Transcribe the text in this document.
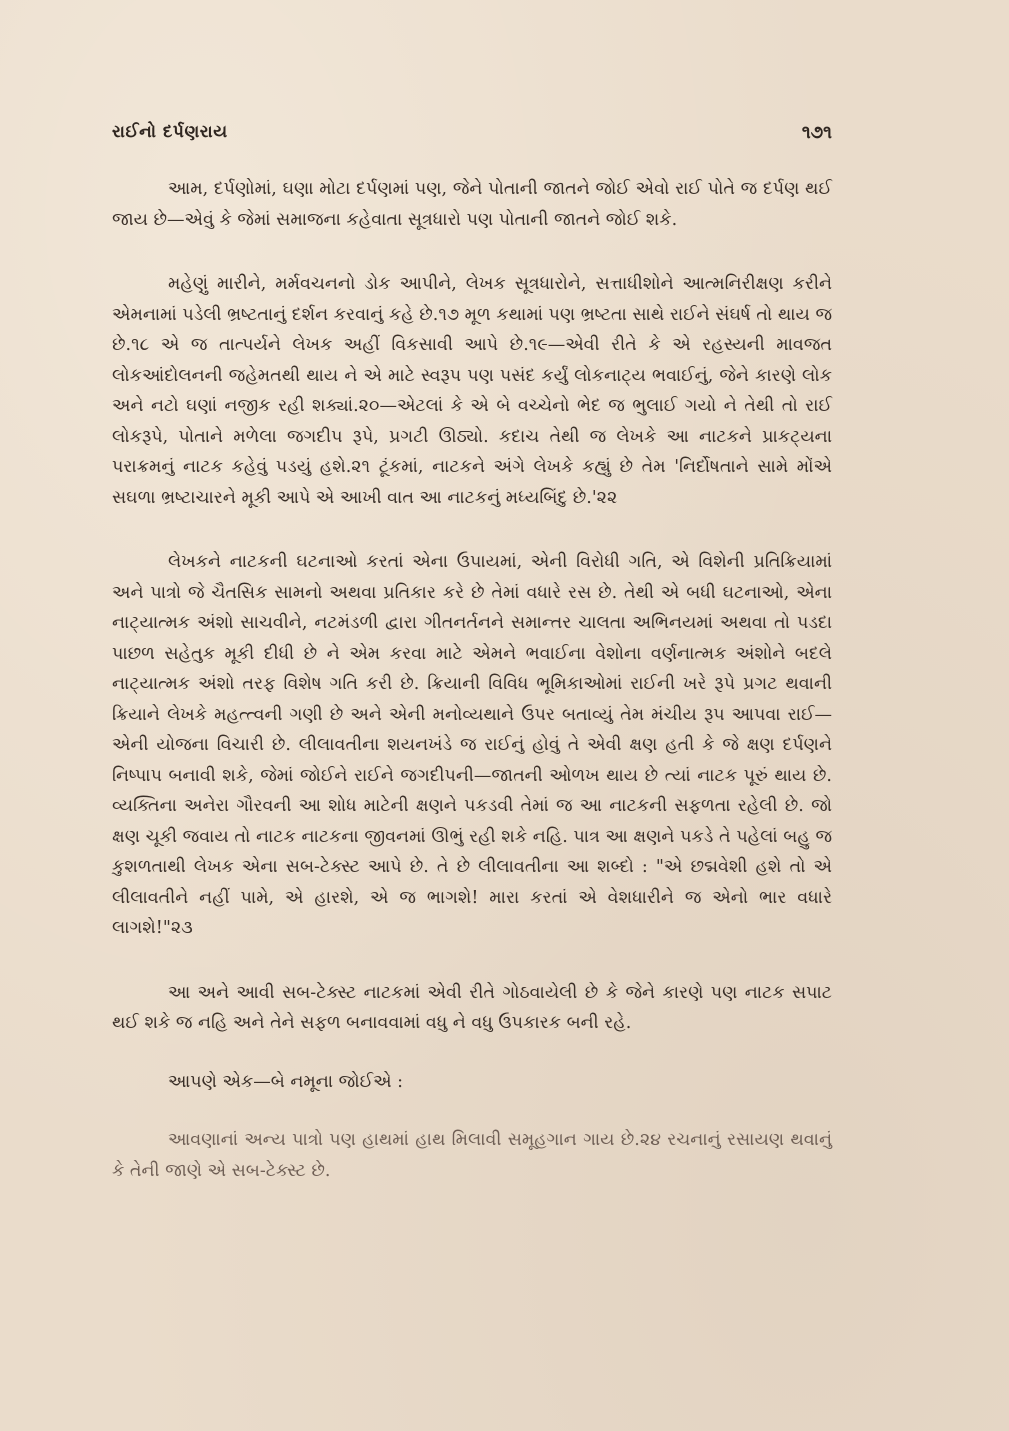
રાઈનો દર્પણરાય	૧૭૧

આમ, દર્પણોમાં, ઘણા મોટા દર્પણમાં પણ, જેને પોતાની જાતને જોઈ એવો રાઈ પોતે જ દર્પણ થઈ જાય છે—એવું કે જેમાં સમાજના કહેવાતા સૂત્રધારો પણ પોતાની જાતને જોઈ શકે.

મહેણું મારીને, મર્મવચનનો ડોક આપીને, લેખક સૂત્રધારોને, સત્તાધીશોને આત્મનિરીક્ષણ કરીને એમનામાં પડેલી ભ્રષ્ટતાનું દર્શન કરવાનું કહે છે.૧૭ મૂળ કથામાં પણ ભ્રષ્ટતા સાથે રાઈને સંઘર્ષ તો થાય જ છે.૧૮ એ જ તાત્પર્યને લેખક અહીં વિકસાવી આપે છે.૧૯—એવી રીતે કે એ રહસ્યની માવજત લોકઆંદોલનની જહેમતથી થાય ને એ માટે સ્વરૂપ પણ પસંદ કર્યું લોકનાટ્ય ભવાઈનું, જેને કારણે લોક અને નટો ઘણાં નજીક રહી શક્યાં.૨૦—એટલાં કે એ બે વચ્ચેનો ભેદ જ ભુલાઈ ગયો ને તેથી તો રાઈ લોકરૂપે, પોતાને મળેલા જગદીપ રૂપે, પ્રગટી ઊઠ્યો. કદાચ તેથી જ લેખકે આ નાટકને પ્રાકટ્યના પરાક્રમનું નાટક કહેવું પડયું હશે.૨૧ ટૂંકમાં, નાટકને અંગે લેખકે કહ્યું છે તેમ 'નિર્દોષતાને સામે મોંએ સઘળા ભ્રષ્ટાચારને મૂકી આપે એ આખી વાત આ નાટકનું મધ્યબિંદુ છે.'૨૨

લેખકને નાટકની ઘટનાઓ કરતાં એના ઉપાયમાં, એની વિરોધી ગતિ, એ વિશેની પ્રતિક્રિયામાં અને પાત્રો જે ચૈતસિક સામનો અથવા પ્રતિકાર કરે છે તેમાં વધારે રસ છે. તેથી એ બધી ઘટનાઓ, એના નાટ્યાત્મક અંશો સાચવીને, નટમંડળી દ્વારા ગીતનર્તનને સમાન્તર ચાલતા અભિનયમાં અથવા તો પડદા પાછળ સહેતુક મૂકી દીધી છે ને એમ કરવા માટે એમને ભવાઈના વેશોના વર્ણનાત્મક અંશોને બદલે નાટ્યાત્મક અંશો તરફ વિશેષ ગતિ કરી છે. ક્રિયાની વિવિધ ભૂમિકાઓમાં રાઈની ખરે રૂપે પ્રગટ થવાની ક્રિયાને લેખકે મહત્ત્વની ગણી છે અને એની મનોવ્યથાને ઉપર બતાવ્યું તેમ મંચીય રૂપ આપવા રાઈ—એની યોજના વિચારી છે. લીલાવતીના શયનખંડે જ રાઈનું હોવું તે એવી ક્ષણ હતી કે જે ક્ષણ દર્પણને નિષ્પાપ બનાવી શકે, જેમાં જોઈને રાઈને જગદીપની—જાતની ઓળખ થાય છે ત્યાં નાટક પૂરું થાય છે. વ્યક્તિના અનેરા ગૌરવની આ શોધ માટેની ક્ષણને પકડવી તેમાં જ આ નાટકની સફળતા રહેલી છે. જો ક્ષણ ચૂકી જવાય તો નાટક નાટકના જીવનમાં ઊભું રહી શકે નહિ. પાત્ર આ ક્ષણને પકડે તે પહેલાં બહુ જ કુશળતાથી લેખક એના સબ-ટેક્સ્ટ આપે છે. તે છે લીલાવતીના આ શબ્દો : "એ છદ્મવેશી હશે તો એ લીલાવતીને નહીં પામે, એ હારશે, એ જ ભાગશે! મારા કરતાં એ વેશધારીને જ એનો ભાર વધારે લાગશે!"૨૩

આ અને આવી સબ-ટેક્સ્ટ નાટકમાં એવી રીતે ગોઠવાયેલી છે કે જેને કારણે પણ નાટક સપાટ થઈ શકે જ નહિ અને તેને સફળ બનાવવામાં વધુ ને વધુ ઉપકારક બની રહે.

આપણે એક—બે નમૂના જોઈએ :

આવણાનાં અન્ય પાત્રો પણ હાથમાં હાથ મિલાવી સમૂહગાન ગાય છે.૨૪ રચનાનું રસાયણ થવાનું કે તેની જાણે એ સબ-ટેક્સ્ટ છે.
